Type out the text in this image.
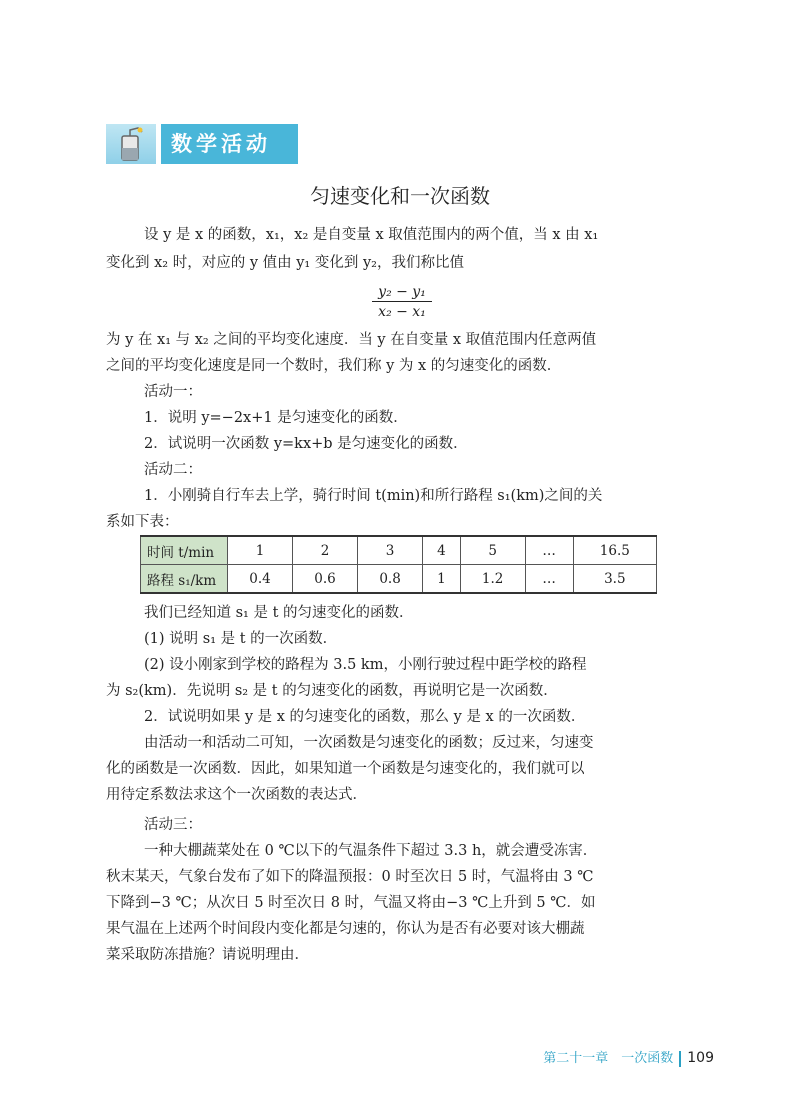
数学活动
匀速变化和一次函数
设 y 是 x 的函数，x₁，x₂ 是自变量 x 取值范围内的两个值，当 x 由 x₁
变化到 x₂ 时，对应的 y 值由 y₁ 变化到 y₂，我们称比值
$\frac{\text{y₂ − y₁}}{\text{x₂ − x₁}}$
为 y 在 x₁ 与 x₂ 之间的平均变化速度．当 y 在自变量 x 取值范围内任意两值
之间的平均变化速度是同一个数时，我们称 y 为 x 的匀速变化的函数．
活动一：
1．说明 y=−2x+1 是匀速变化的函数．
2．试说明一次函数 y=kx+b 是匀速变化的函数．
活动二：
1．小刚骑自行车去上学，骑行时间 t(min)和所行路程 s₁(km)之间的关
系如下表：
时间 t/min	1	2	3	4	5	…	16.5
路程 s₁/km	0.4	0.6	0.8	1	1.2	…	3.5
我们已经知道 s₁ 是 t 的匀速变化的函数．
(1) 说明 s₁ 是 t 的一次函数．
(2) 设小刚家到学校的路程为 3.5 km，小刚行驶过程中距学校的路程
为 s₂(km)．先说明 s₂ 是 t 的匀速变化的函数，再说明它是一次函数．
2．试说明如果 y 是 x 的匀速变化的函数，那么 y 是 x 的一次函数．
由活动一和活动二可知，一次函数是匀速变化的函数；反过来，匀速变
化的函数是一次函数．因此，如果知道一个函数是匀速变化的，我们就可以
用待定系数法求这个一次函数的表达式．
活动三：
一种大棚蔬菜处在 0 ℃以下的气温条件下超过 3.3 h，就会遭受冻害．
秋末某天，气象台发布了如下的降温预报：0 时至次日 5 时，气温将由 3 ℃
下降到−3 ℃；从次日 5 时至次日 8 时，气温又将由−3 ℃上升到 5 ℃．如
果气温在上述两个时间段内变化都是匀速的，你认为是否有必要对该大棚蔬
菜采取防冻措施？请说明理由．
第二十一章　一次函数 109
